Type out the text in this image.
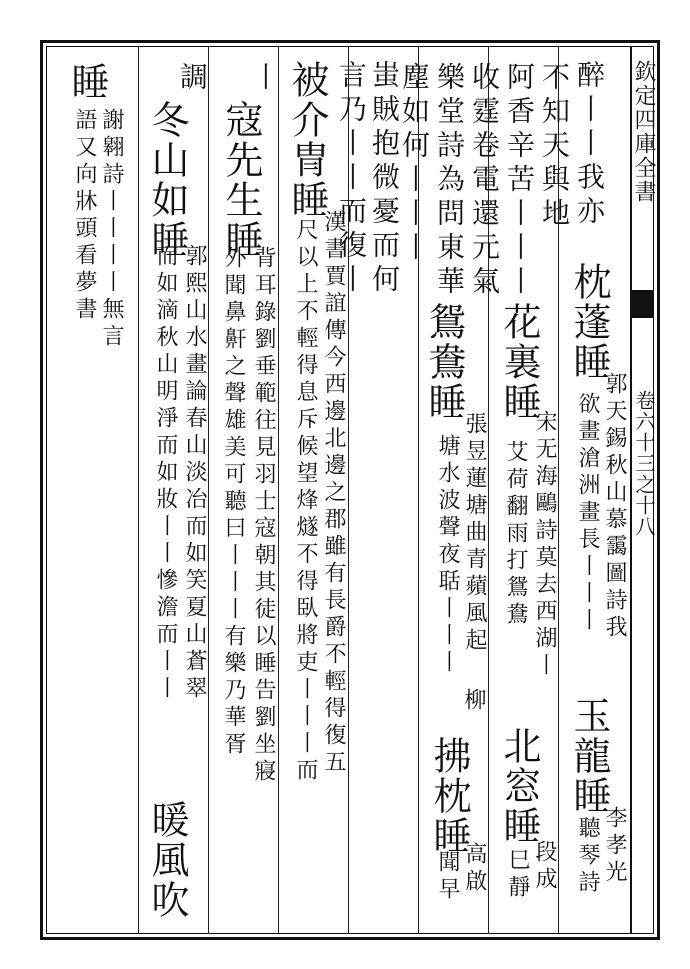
欽定四庫全書
卷六十三之十八
醉丨丨我亦
枕
蓬睡
郭天錫秋山慕靄圖詩我
欲畫滄洲畫長丨丨丨
玉龍睡
李孝光
聽琴詩
不知天與地
阿香辛苦丨丨丨
花裏睡
宋无海鷗詩莫去西湖丨
艾荷翻雨打鴛鴦
北窓睡
段成
巳靜
收霆卷電還元氣
樂堂詩為問東華
柳
拂枕睡
高啟
聞早
塵如何丨丨丨
鴛鴦睡
張昱蓮塘曲青蘋風起
塘水波聲夜聒丨丨丨
蚩賊抱微憂而何
言乃丨丨而復丨
被介冑睡
漢書賈誼傳今西邊北邊之郡雖有長爵不輕得復五
尺以上不輕得息斥候望烽燧不得臥將吏丨丨丨而
丨
寇先生睡
背耳錄劉垂範往見羽士寇朝其徒以睡告劉坐寢
外聞鼻鼾之聲雄美可聽曰丨丨丨有樂乃華胥
調
冬山如睡
郭熙山水畫論春山淡冶而如笑夏山蒼翠
而如滴秋山明淨而如妝丨丨慘澹而丨丨
暖風吹
睡
謝翱詩丨丨丨丨無言
語又向牀頭看夢書
